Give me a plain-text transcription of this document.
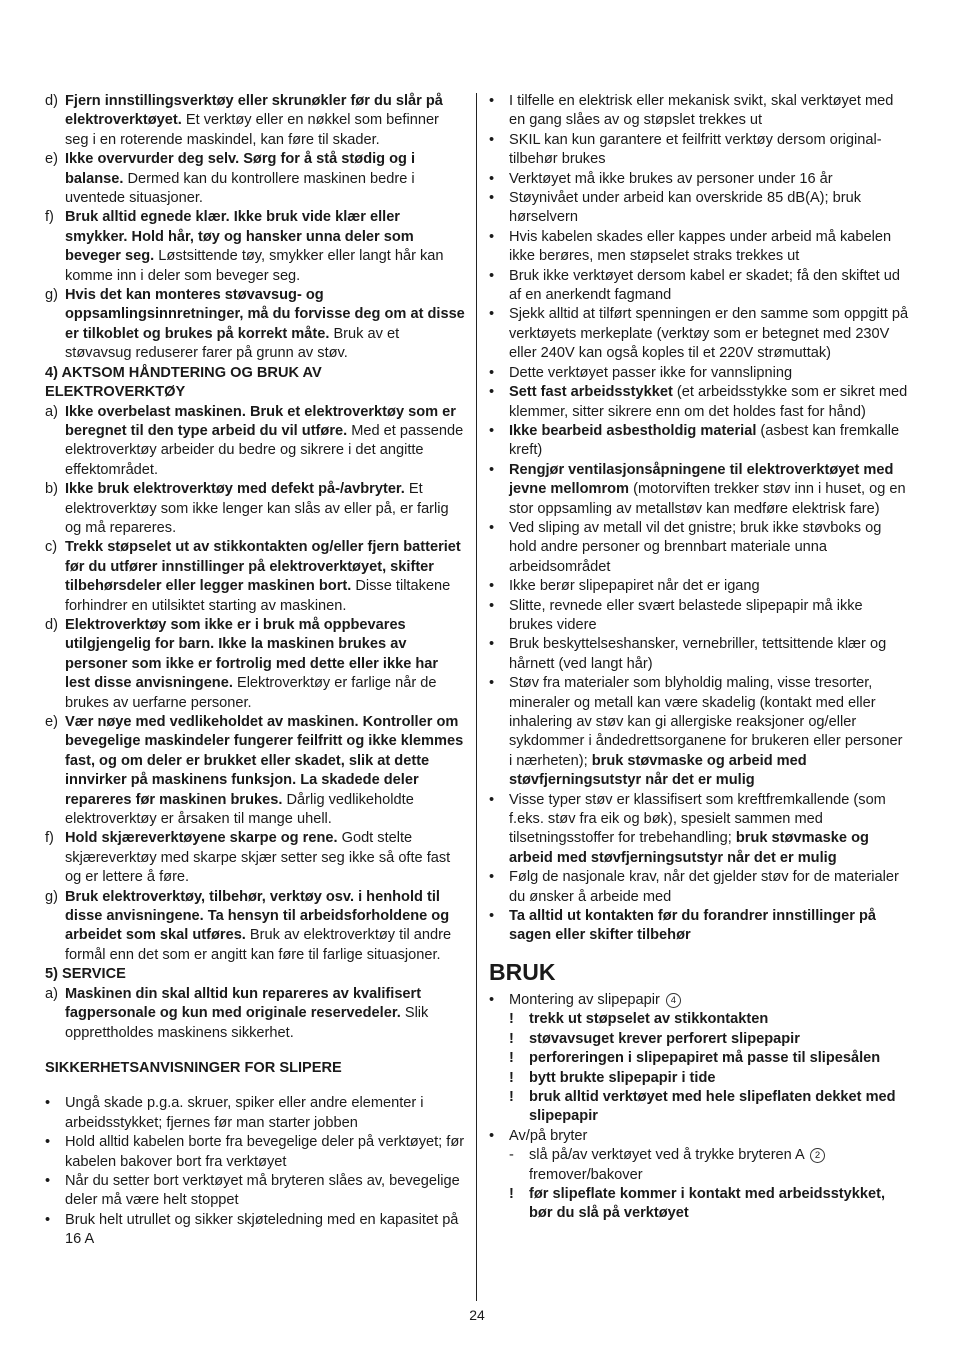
d) Fjern innstillingsverktøy eller skrunøkler før du slår på elektroverktøyet. Et verktøy eller en nøkkel som befinner seg i en roterende maskindel, kan føre til skader.
e) Ikke overvurder deg selv. Sørg for å stå stødig og i balanse. Dermed kan du kontrollere maskinen bedre i uventede situasjoner.
f) Bruk alltid egnede klær. Ikke bruk vide klær eller smykker. Hold hår, tøy og hansker unna deler som beveger seg. Løstsittende tøy, smykker eller langt hår kan komme inn i deler som beveger seg.
g) Hvis det kan monteres støvavsug- og oppsamlingsinnretninger, må du forvisse deg om at disse er tilkoblet og brukes på korrekt måte. Bruk av et støvavsug reduserer farer på grunn av støv.
4) AKTSOM HÅNDTERING OG BRUK AV ELEKTROVERKTØY
a) Ikke overbelast maskinen. Bruk et elektroverktøy som er beregnet til den type arbeid du vil utføre. Med et passende elektroverktøy arbeider du bedre og sikrere i det angitte effektområdet.
b) Ikke bruk elektroverktøy med defekt på-/avbryter. Et elektroverktøy som ikke lenger kan slås av eller på, er farlig og må repareres.
c) Trekk støpselet ut av stikkontakten og/eller fjern batteriet før du utfører innstillinger på elektroverktøyet, skifter tilbehørsdeler eller legger maskinen bort. Disse tiltakene forhindrer en utilsiktet starting av maskinen.
d) Elektroverktøy som ikke er i bruk må oppbevares utilgjengelig for barn. Ikke la maskinen brukes av personer som ikke er fortrolig med dette eller ikke har lest disse anvisningene. Elektroverktøy er farlige når de brukes av uerfarne personer.
e) Vær nøye med vedlikeholdet av maskinen. Kontroller om bevegelige maskindeler fungerer feilfritt og ikke klemmes fast, og om deler er brukket eller skadet, slik at dette innvirker på maskinens funksjon. La skadede deler repareres før maskinen brukes. Dårlig vedlikeholdte elektroverktøy er årsaken til mange uhell.
f) Hold skjæreverktøyene skarpe og rene. Godt stelte skjæreverktøy med skarpe skjær setter seg ikke så ofte fast og er lettere å føre.
g) Bruk elektroverktøy, tilbehør, verktøy osv. i henhold til disse anvisningene. Ta hensyn til arbeidsforholdene og arbeidet som skal utføres. Bruk av elektroverktøy til andre formål enn det som er angitt kan føre til farlige situasjoner.
5) SERVICE
a) Maskinen din skal alltid kun repareres av kvalifisert fagpersonale og kun med originale reservedeler. Slik opprettholdes maskinens sikkerhet.
SIKKERHETSANVISNINGER FOR SLIPERE
• Ungå skade p.g.a. skruer, spiker eller andre elementer i arbeidsstykket; fjernes før man starter jobben
• Hold alltid kabelen borte fra bevegelige deler på verktøyet; før kabelen bakover bort fra verktøyet
• Når du setter bort verktøyet må bryteren slåes av, bevegelige deler må være helt stoppet
• Bruk helt utrullet og sikker skjøteledning med en kapasitet på 16 A
• I tilfelle en elektrisk eller mekanisk svikt, skal verktøyet med en gang slåes av og støpslet trekkes ut
• SKIL kan kun garantere et feilfritt verktøy dersom original-tilbehør brukes
• Verktøyet må ikke brukes av personer under 16 år
• Støynivået under arbeid kan overskride 85 dB(A); bruk hørselvern
• Hvis kabelen skades eller kappes under arbeid må kabelen ikke berøres, men støpselet straks trekkes ut
• Bruk ikke verktøyet dersom kabel er skadet; få den skiftet ud af en anerkendt fagmand
• Sjekk alltid at tilført spenningen er den samme som oppgitt på verktøyets merkeplate (verktøy som er betegnet med 230V eller 240V kan også koples til et 220V strømuttak)
• Dette verktøyet passer ikke for vannslipning
• Sett fast arbeidsstykket (et arbeidsstykke som er sikret med klemmer, sitter sikrere enn om det holdes fast for hånd)
• Ikke bearbeid asbestholdig material (asbest kan fremkalle kreft)
• Rengjør ventilasjonsåpningene til elektroverktøyet med jevne mellomrom (motorviften trekker støv inn i huset, og en stor oppsamling av metallstøv kan medføre elektrisk fare)
• Ved sliping av metall vil det gnistre; bruk ikke støvboks og hold andre personer og brennbart materiale unna arbeidsområdet
• Ikke berør slipepapiret når det er igang
• Slitte, revnede eller svært belastede slipepapir må ikke brukes videre
• Bruk beskyttelseshansker, vernebriller, tettsittende klær og hårnett (ved langt hår)
• Støv fra materialer som blyholdig maling, visse tresorter, mineraler og metall kan være skadelig (kontakt med eller inhalering av støv kan gi allergiske reaksjoner og/eller sykdommer i åndedrettsorganene for brukeren eller personer i nærheten); bruk støvmaske og arbeid med støvfjerningsutstyr når det er mulig
• Visse typer støv er klassifisert som kreftfremkallende (som f.eks. støv fra eik og bøk), spesielt sammen med tilsetningsstoffer for trebehandling; bruk støvmaske og arbeid med støvfjerningsutstyr når det er mulig
• Følg de nasjonale krav, når det gjelder støv for de materialer du ønsker å arbeide med
• Ta alltid ut kontakten før du forandrer innstillinger på sagen eller skifter tilbehør
BRUK
• Montering av slipepapir 4
! trekk ut støpselet av stikkontakten
! støvavsuget krever perforert slipepapir
! perforeringen i slipepapiret må passe til slipesålen
! bytt brukte slipepapir i tide
! bruk alltid verktøyet med hele slipeflaten dekket med slipepapir
• Av/på bryter
- slå på/av verktøyet ved å trykke bryteren A 2 fremover/bakover
! før slipeflate kommer i kontakt med arbeidsstykket, bør du slå på verktøyet
24
